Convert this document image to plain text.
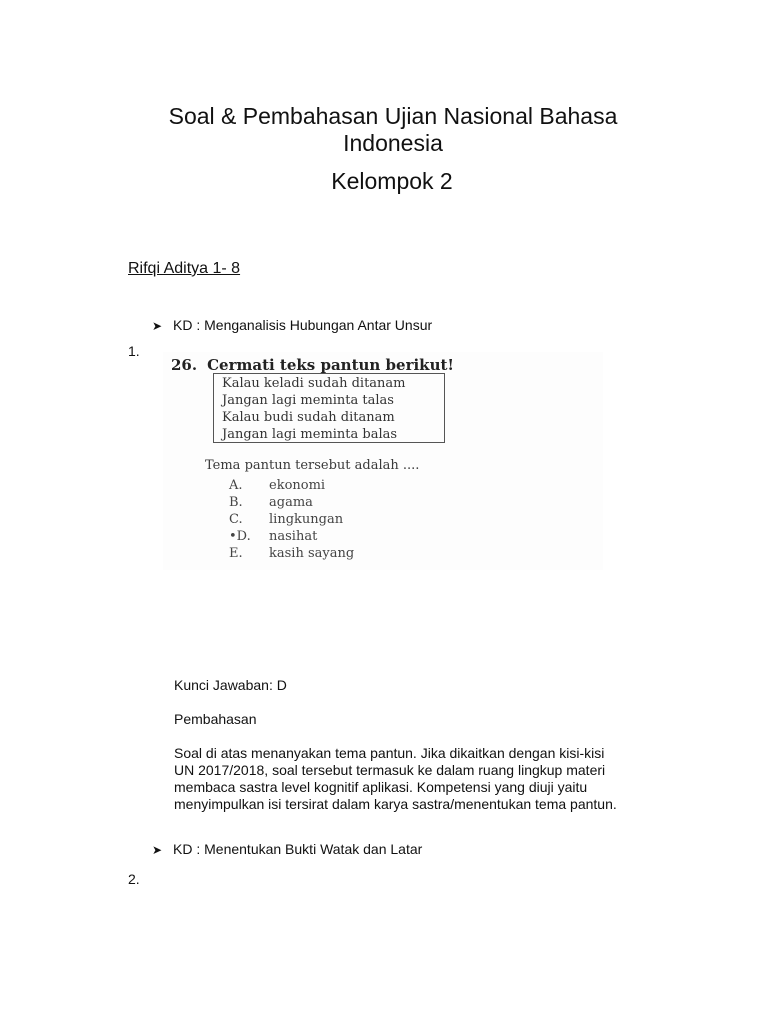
Soal & Pembahasan Ujian Nasional Bahasa
Indonesia
Kelompok 2
Rifqi Aditya 1- 8
➤ KD : Menganalisis Hubungan Antar Unsur
1.
26. Cermati teks pantun berikut!
Kalau keladi sudah ditanam
Jangan lagi meminta talas
Kalau budi sudah ditanam
Jangan lagi meminta balas
Tema pantun tersebut adalah ....
A. ekonomi
B. agama
C. lingkungan
•D. nasihat
E. kasih sayang
Kunci Jawaban: D
Pembahasan
Soal di atas menanyakan tema pantun. Jika dikaitkan dengan kisi-kisi
UN 2017/2018, soal tersebut termasuk ke dalam ruang lingkup materi
membaca sastra level kognitif aplikasi. Kompetensi yang diuji yaitu
menyimpulkan isi tersirat dalam karya sastra/menentukan tema pantun.
➤ KD : Menentukan Bukti Watak dan Latar
2.
